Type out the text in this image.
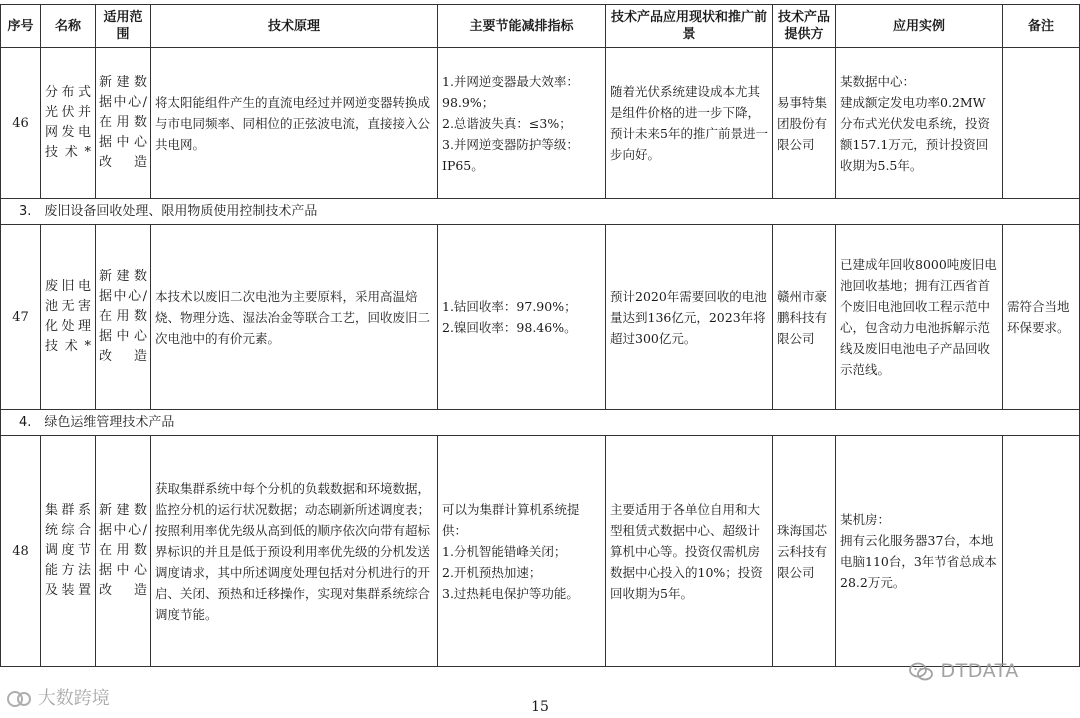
序号	名称	适用范围	技术原理	主要节能减排指标	技术产品应用现状和推广前景	技术产品提供方	应用实例	备注
46	分布式光伏并网发电技术*	新建数据中心/在用数据中心改造	将太阳能组件产生的直流电经过并网逆变器转换成与市电同频率、同相位的正弦波电流，直接接入公共电网。	1.并网逆变器最大效率：98.9%；
2.总谐波失真：≤3%；
3.并网逆变器防护等级：IP65。	随着光伏系统建设成本尤其是组件价格的进一步下降，预计未来5年的推广前景进一步向好。	易事特集团股份有限公司	某数据中心：
建成额定发电功率0.2MW分布式光伏发电系统，投资额157.1万元，预计投资回收期为5.5年。	

3.　废旧设备回收处理、限用物质使用控制技术产品								
47	废旧电池无害化处理技术*	新建数据中心/在用数据中心改造	本技术以废旧二次电池为主要原料，采用高温焙烧、物理分选、湿法冶金等联合工艺，回收废旧二次电池中的有价元素。	1.钴回收率：97.90%；
2.镍回收率：98.46%。	预计2020年需要回收的电池量达到136亿元，2023年将超过300亿元。	赣州市豪鹏科技有限公司	已建成年回收8000吨废旧电池回收基地；拥有江西省首个废旧电池回收工程示范中心，包含动力电池拆解示范线及废旧电池电子产品回收示范线。	需符合当地环保要求。
4.　绿色运维管理技术产品								
48	集群系统综合调度节能方法及装置	新建数据中心/在用数据中心改造	获取集群系统中每个分机的负载数据和环境数据，监控分机的运行状况数据；动态刷新所述调度表；按照利用率优先级从高到低的顺序依次向带有超标界标识的并且是低于预设利用率优先级的分机发送调度请求，其中所述调度处理包括对分机进行的开启、关闭、预热和迁移操作，实现对集群系统综合调度节能。	可以为集群计算机系统提供：
1.分机智能错峰关闭；
2.开机预热加速；
3.过热耗电保护等功能。	主要适用于各单位自用和大型租赁式数据中心、超级计算机中心等。投资仅需机房数据中心投入的10%；投资回收期为5年。	珠海国芯云科技有限公司	某机房：
拥有云化服务器37台，本地电脑110台，3年节省总成本28.2万元。	

15
大数跨境
DTDATA
